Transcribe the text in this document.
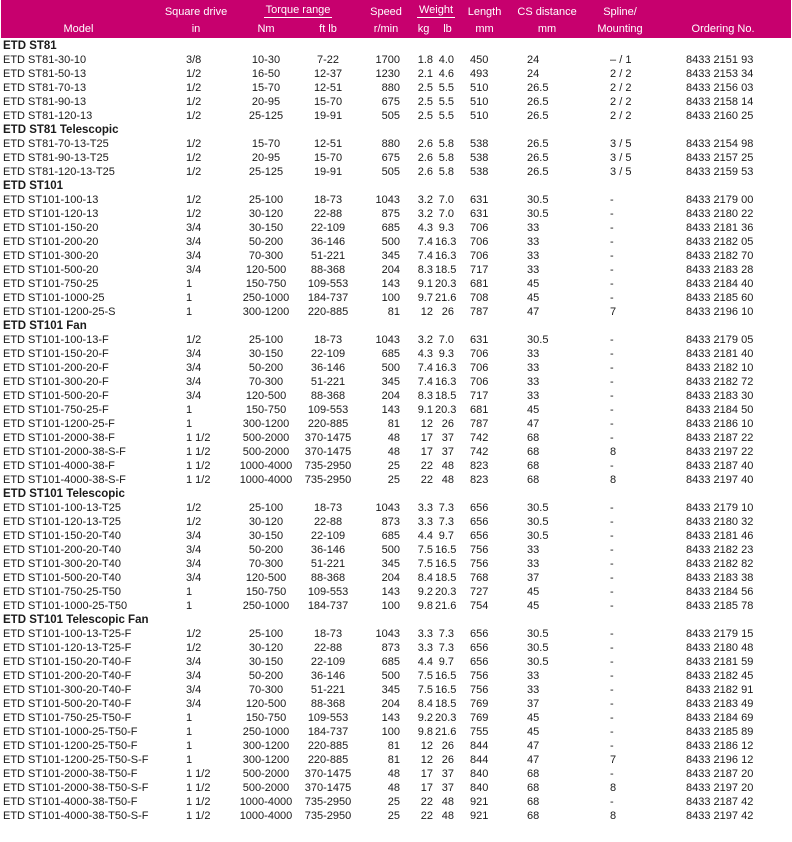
	Square drive	Torque range		Speed	Weight		Length	CS distance	Spline/	
Model	in	Nm	ft lb	r/min	kg	lb	mm	mm	Mounting	Ordering No.
ETD ST81										
ETD ST81-30-10	3/8	10-30	7-22	1700	1.8	4.0	450	24	– / 1	8433 2151 93
ETD ST81-50-13	1/2	16-50	12-37	1230	2.1	4.6	493	24	2 / 2	8433 2153 34
ETD ST81-70-13	1/2	15-70	12-51	880	2.5	5.5	510	26.5	2 / 2	8433 2156 03
ETD ST81-90-13	1/2	20-95	15-70	675	2.5	5.5	510	26.5	2 / 2	8433 2158 14
ETD ST81-120-13	1/2	25-125	19-91	505	2.5	5.5	510	26.5	2 / 2	8433 2160 25
ETD ST81 Telescopic										
ETD ST81-70-13-T25	1/2	15-70	12-51	880	2.6	5.8	538	26.5	3 / 5	8433 2154 98
ETD ST81-90-13-T25	1/2	20-95	15-70	675	2.6	5.8	538	26.5	3 / 5	8433 2157 25
ETD ST81-120-13-T25	1/2	25-125	19-91	505	2.6	5.8	538	26.5	3 / 5	8433 2159 53
ETD ST101										
ETD ST101-100-13	1/2	25-100	18-73	1043	3.2	7.0	631	30.5	-	8433 2179 00
ETD ST101-120-13	1/2	30-120	22-88	875	3.2	7.0	631	30.5	-	8433 2180 22
ETD ST101-150-20	3/4	30-150	22-109	685	4.3	9.3	706	33	-	8433 2181 36
ETD ST101-200-20	3/4	50-200	36-146	500	7.4	16.3	706	33	-	8433 2182 05
ETD ST101-300-20	3/4	70-300	51-221	345	7.4	16.3	706	33	-	8433 2182 70
ETD ST101-500-20	3/4	120-500	88-368	204	8.3	18.5	717	33	-	8433 2183 28
ETD ST101-750-25	1	150-750	109-553	143	9.1	20.3	681	45	-	8433 2184 40
ETD ST101-1000-25	1	250-1000	184-737	100	9.7	21.6	708	45	-	8433 2185 60
ETD ST101-1200-25-S	1	300-1200	220-885	81	12	26	787	47	7	8433 2196 10
ETD ST101 Fan										
ETD ST101-100-13-F	1/2	25-100	18-73	1043	3.2	7.0	631	30.5	-	8433 2179 05
ETD ST101-150-20-F	3/4	30-150	22-109	685	4.3	9.3	706	33	-	8433 2181 40
ETD ST101-200-20-F	3/4	50-200	36-146	500	7.4	16.3	706	33	-	8433 2182 10
ETD ST101-300-20-F	3/4	70-300	51-221	345	7.4	16.3	706	33	-	8433 2182 72
ETD ST101-500-20-F	3/4	120-500	88-368	204	8.3	18.5	717	33	-	8433 2183 30
ETD ST101-750-25-F	1	150-750	109-553	143	9.1	20.3	681	45	-	8433 2184 50
ETD ST101-1200-25-F	1	300-1200	220-885	81	12	26	787	47	-	8433 2186 10
ETD ST101-2000-38-F	1 1/2	500-2000	370-1475	48	17	37	742	68	-	8433 2187 22
ETD ST101-2000-38-S-F	1 1/2	500-2000	370-1475	48	17	37	742	68	8	8433 2197 22
ETD ST101-4000-38-F	1 1/2	1000-4000	735-2950	25	22	48	823	68	-	8433 2187 40
ETD ST101-4000-38-S-F	1 1/2	1000-4000	735-2950	25	22	48	823	68	8	8433 2197 40
ETD ST101 Telescopic										
ETD ST101-100-13-T25	1/2	25-100	18-73	1043	3.3	7.3	656	30.5	-	8433 2179 10
ETD ST101-120-13-T25	1/2	30-120	22-88	873	3.3	7.3	656	30.5	-	8433 2180 32
ETD ST101-150-20-T40	3/4	30-150	22-109	685	4.4	9.7	656	30.5	-	8433 2181 46
ETD ST101-200-20-T40	3/4	50-200	36-146	500	7.5	16.5	756	33	-	8433 2182 23
ETD ST101-300-20-T40	3/4	70-300	51-221	345	7.5	16.5	756	33	-	8433 2182 82
ETD ST101-500-20-T40	3/4	120-500	88-368	204	8.4	18.5	768	37	-	8433 2183 38
ETD ST101-750-25-T50	1	150-750	109-553	143	9.2	20.3	727	45	-	8433 2184 56
ETD ST101-1000-25-T50	1	250-1000	184-737	100	9.8	21.6	754	45	-	8433 2185 78
ETD ST101 Telescopic Fan										
ETD ST101-100-13-T25-F	1/2	25-100	18-73	1043	3.3	7.3	656	30.5	-	8433 2179 15
ETD ST101-120-13-T25-F	1/2	30-120	22-88	873	3.3	7.3	656	30.5	-	8433 2180 48
ETD ST101-150-20-T40-F	3/4	30-150	22-109	685	4.4	9.7	656	30.5	-	8433 2181 59
ETD ST101-200-20-T40-F	3/4	50-200	36-146	500	7.5	16.5	756	33	-	8433 2182 45
ETD ST101-300-20-T40-F	3/4	70-300	51-221	345	7.5	16.5	756	33	-	8433 2182 91
ETD ST101-500-20-T40-F	3/4	120-500	88-368	204	8.4	18.5	769	37	-	8433 2183 49
ETD ST101-750-25-T50-F	1	150-750	109-553	143	9.2	20.3	769	45	-	8433 2184 69
ETD ST101-1000-25-T50-F	1	250-1000	184-737	100	9.8	21.6	755	45	-	8433 2185 89
ETD ST101-1200-25-T50-F	1	300-1200	220-885	81	12	26	844	47	-	8433 2186 12
ETD ST101-1200-25-T50-S-F	1	300-1200	220-885	81	12	26	844	47	7	8433 2196 12
ETD ST101-2000-38-T50-F	1 1/2	500-2000	370-1475	48	17	37	840	68	-	8433 2187 20
ETD ST101-2000-38-T50-S-F	1 1/2	500-2000	370-1475	48	17	37	840	68	8	8433 2197 20
ETD ST101-4000-38-T50-F	1 1/2	1000-4000	735-2950	25	22	48	921	68	-	8433 2187 42
ETD ST101-4000-38-T50-S-F	1 1/2	1000-4000	735-2950	25	22	48	921	68	8	8433 2197 42
